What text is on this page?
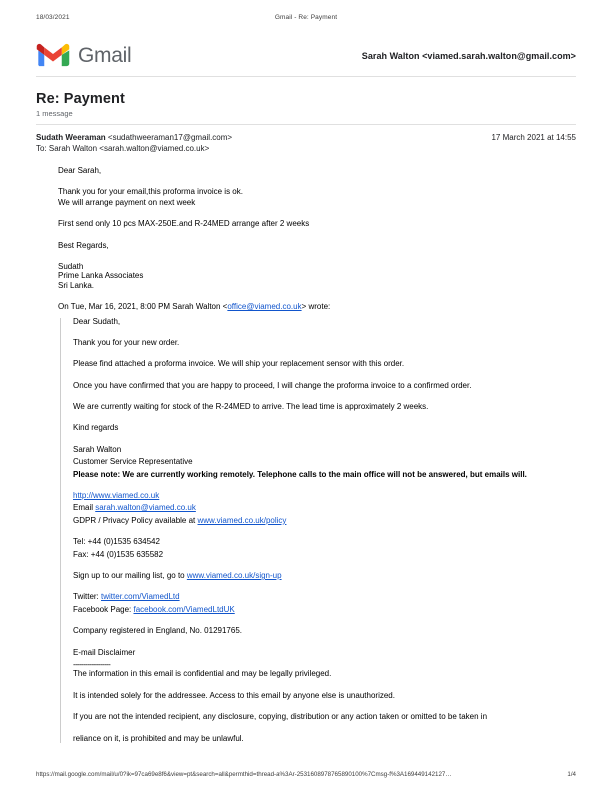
18/03/2021	Gmail - Re: Payment
Gmail	Sarah Walton <viamed.sarah.walton@gmail.com>
Re: Payment
1 message
Sudath Weeraman <sudathweeraman17@gmail.com>	17 March 2021 at 14:55
To: Sarah Walton <sarah.walton@viamed.co.uk>

Dear Sarah,

Thank you for your email,this proforma invoice is ok.

We will arrange payment on next week

First send only 10 pcs MAX-250E.and R-24MED arrange after 2 weeks

Best Regards,

Sudath

Prime Lanka Associates

Sri Lanka.

On Tue, Mar 16, 2021, 8:00 PM Sarah Walton <office@viamed.co.uk> wrote:

Dear Sudath,

Thank you for your new order.

Please find attached a proforma invoice. We will ship your replacement sensor with this order.

Once you have confirmed that you are happy to proceed, I will change the proforma invoice to a confirmed order.

We are currently waiting for stock of the R-24MED to arrive. The lead time is approximately 2 weeks.

Kind regards

Sarah Walton

Customer Service Representative

Please note: We are currently working remotely. Telephone calls to the main office will not be answered, but emails will.

http://www.viamed.co.uk

Email sarah.walton@viamed.co.uk

GDPR / Privacy Policy available at www.viamed.co.uk/policy

Tel: +44 (0)1535 634542

Fax: +44 (0)1535 635582

Sign up to our mailing list, go to www.viamed.co.uk/sign-up

Twitter: twitter.com/ViamedLtd

Facebook Page: facebook.com/ViamedLtdUK

Company registered in England, No. 01291765.

E-mail Disclaimer

------------------

The information in this email is confidential and may be legally privileged.

It is intended solely for the addressee. Access to this email by anyone else is unauthorized.

If you are not the intended recipient, any disclosure, copying, distribution or any action taken or omitted to be taken in

reliance on it, is prohibited and may be unlawful.

https://mail.google.com/mail/u/0?ik=97ca69e8f6&view=pt&search=all&permthid=thread-a%3Ar-2531608978765890100%7Cmsg-f%3A169449142127…	1/4
